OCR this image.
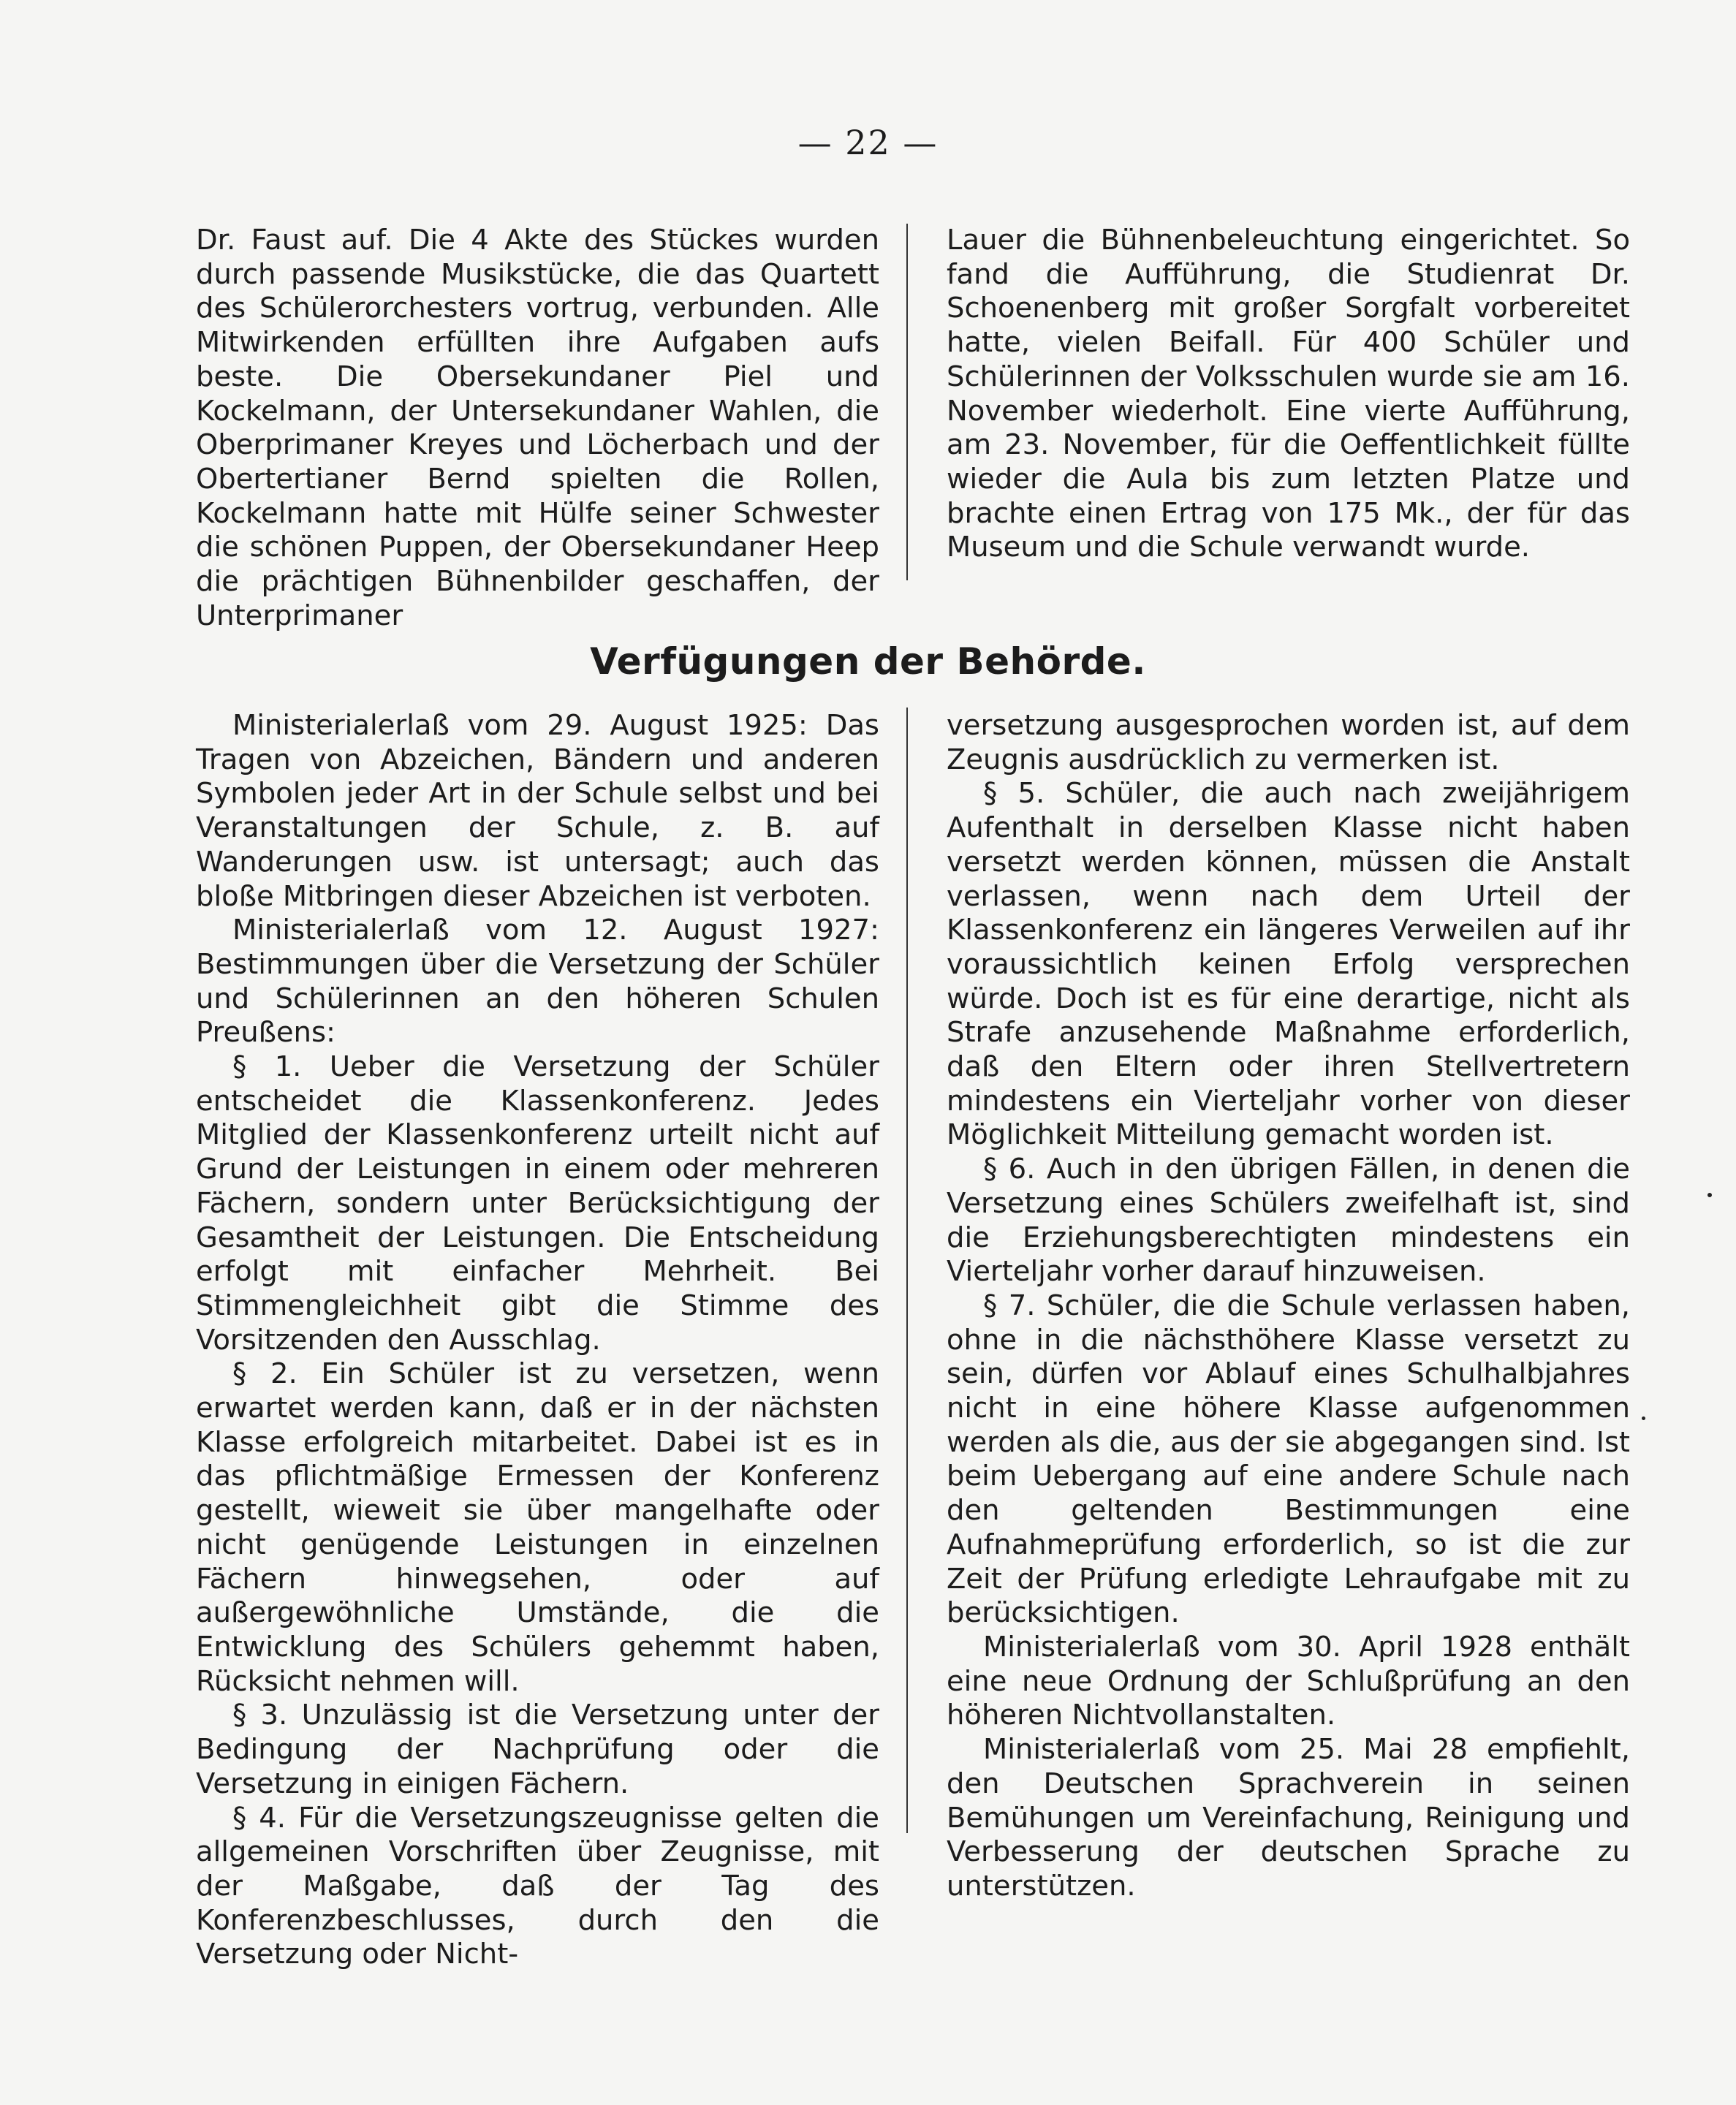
— 22 —

Dr. Faust auf. Die 4 Akte des Stückes wurden durch passende Musikstücke, die das Quartett des Schülerorchesters vortrug, verbunden. Alle Mitwirkenden erfüllten ihre Aufgaben aufs beste. Die Obersekundaner Piel und Kockelmann, der Untersekundaner Wahlen, die Oberprimaner Kreyes und Löcherbach und der Obertertianer Bernd spielten die Rollen, Kockelmann hatte mit Hülfe seiner Schwester die schönen Puppen, der Obersekundaner Heep die prächtigen Bühnenbilder geschaffen, der Unterprimaner

Lauer die Bühnenbeleuchtung eingerichtet. So fand die Aufführung, die Studienrat Dr. Schoenenberg mit großer Sorgfalt vorbereitet hatte, vielen Beifall. Für 400 Schüler und Schülerinnen der Volksschulen wurde sie am 16. November wiederholt. Eine vierte Aufführung, am 23. November, für die Oeffentlichkeit füllte wieder die Aula bis zum letzten Platze und brachte einen Ertrag von 175 Mk., der für das Museum und die Schule verwandt wurde.

Verfügungen der Behörde.

Ministerialerlaß vom 29. August 1925: Das Tragen von Abzeichen, Bändern und anderen Symbolen jeder Art in der Schule selbst und bei Veranstaltungen der Schule, z. B. auf Wanderungen usw. ist untersagt; auch das bloße Mitbringen dieser Abzeichen ist verboten.

Ministerialerlaß vom 12. August 1927: Bestimmungen über die Versetzung der Schüler und Schülerinnen an den höheren Schulen Preußens:

§ 1. Ueber die Versetzung der Schüler entscheidet die Klassenkonferenz. Jedes Mitglied der Klassenkonferenz urteilt nicht auf Grund der Leistungen in einem oder mehreren Fächern, sondern unter Berücksichtigung der Gesamtheit der Leistungen. Die Entscheidung erfolgt mit einfacher Mehrheit. Bei Stimmengleichheit gibt die Stimme des Vorsitzenden den Ausschlag.

§ 2. Ein Schüler ist zu versetzen, wenn erwartet werden kann, daß er in der nächsten Klasse erfolgreich mitarbeitet. Dabei ist es in das pflichtmäßige Ermessen der Konferenz gestellt, wieweit sie über mangelhafte oder nicht genügende Leistungen in einzelnen Fächern hinwegsehen, oder auf außergewöhnliche Umstände, die die Entwicklung des Schülers gehemmt haben, Rücksicht nehmen will.

§ 3. Unzulässig ist die Versetzung unter der Bedingung der Nachprüfung oder die Versetzung in einigen Fächern.

§ 4. Für die Versetzungszeugnisse gelten die allgemeinen Vorschriften über Zeugnisse, mit der Maßgabe, daß der Tag des Konferenzbeschlusses, durch den die Versetzung oder Nicht-

versetzung ausgesprochen worden ist, auf dem Zeugnis ausdrücklich zu vermerken ist.

§ 5. Schüler, die auch nach zweijährigem Aufenthalt in derselben Klasse nicht haben versetzt werden können, müssen die Anstalt verlassen, wenn nach dem Urteil der Klassenkonferenz ein längeres Verweilen auf ihr voraussichtlich keinen Erfolg versprechen würde. Doch ist es für eine derartige, nicht als Strafe anzusehende Maßnahme erforderlich, daß den Eltern oder ihren Stellvertretern mindestens ein Vierteljahr vorher von dieser Möglichkeit Mitteilung gemacht worden ist.

§ 6. Auch in den übrigen Fällen, in denen die Versetzung eines Schülers zweifelhaft ist, sind die Erziehungsberechtigten mindestens ein Vierteljahr vorher darauf hinzuweisen.

§ 7. Schüler, die die Schule verlassen haben, ohne in die nächsthöhere Klasse versetzt zu sein, dürfen vor Ablauf eines Schulhalbjahres nicht in eine höhere Klasse aufgenommen werden als die, aus der sie abgegangen sind. Ist beim Uebergang auf eine andere Schule nach den geltenden Bestimmungen eine Aufnahmeprüfung erforderlich, so ist die zur Zeit der Prüfung erledigte Lehraufgabe mit zu berücksichtigen.

Ministerialerlaß vom 30. April 1928 enthält eine neue Ordnung der Schlußprüfung an den höheren Nichtvollanstalten.

Ministerialerlaß vom 25. Mai 28 empfiehlt, den Deutschen Sprachverein in seinen Bemühungen um Vereinfachung, Reinigung und Verbesserung der deutschen Sprache zu unterstützen.
